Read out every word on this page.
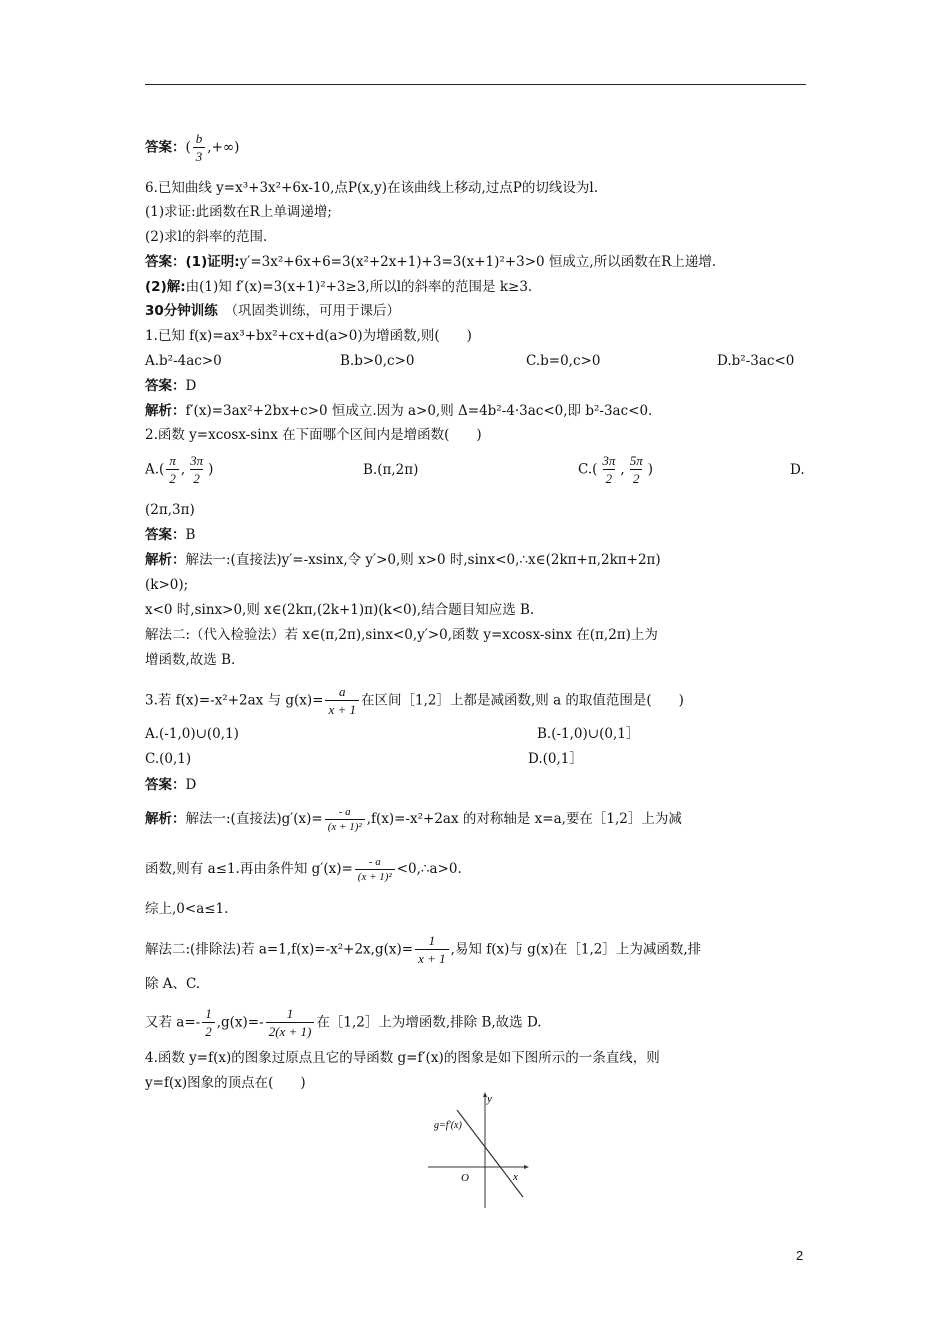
答案：( $\frac{b}{3}$ ,+∞)
6.已知曲线 y=x³+3x²+6x-10,点P(x,y)在该曲线上移动,过点P的切线设为l.
(1)求证:此函数在R上单调递增;
(2)求l的斜率的范围.
答案：(1)证明:y′=3x²+6x+6=3(x²+2x+1)+3=3(x+1)²+3>0 恒成立,所以函数在R上递增.
(2)解:由(1)知 f′(x)=3(x+1)²+3≥3,所以l的斜率的范围是 k≥3.
30分钟训练　 （巩固类训练，可用于课后）
1.已知 f(x)=ax³+bx²+cx+d(a>0)为增函数,则(　　)
A.b²-4ac>0	B.b>0,c>0	C.b=0,c>0	D.b²-3ac<0
答案：D
解析：f′(x)=3ax²+2bx+c>0 恒成立.因为 a>0,则 Δ=4b²-4·3ac<0,即 b²-3ac<0.
2.函数 y=xcosx-sinx 在下面哪个区间内是增函数(　　)
$A.( \frac{\pi}{2}$ , $\frac{3\pi}{2}$ )	B.(π,2π)	$C.( \frac{3\pi}{2}$ , $\frac{5\pi}{2}$ )	D.
(2π,3π)
答案：B
解析：解法一:(直接法)y′=-xsinx,令 y′>0,则 x>0 时,sinx<0,∴x∈(2kπ+π,2kπ+2π)
(k>0);
x<0 时,sinx>0,则 x∈(2kπ,(2k+1)π)(k<0),结合题目知应选 B.
解法二:（代入检验法）若 x∈(π,2π),sinx<0,y′>0,函数 y=xcosx-sinx 在(π,2π)上为
增函数,故选 B.
3.若 f(x)=-x²+2ax 与 $g(x)= \frac{a}{x + 1}$ 在区间［1,2］上都是减函数,则 a 的取值范围是(　　)
A.(-1,0)∪(0,1)	B.(-1,0)∪(0,1］
C.(0,1)	D.(0,1］
答案：D
解析：解法一:(直接法)$g'(x)= \frac{- a}{\text{(x + 1)²}} ,f(x)=-x^2+2ax$ 的对称轴是 x=a,要在［1,2］上为减
函数,则有 a≤1.再由条件知 $g'(x)= \frac{- a}{\text{(x + 1)²}}$ <0,∴a>0.
综上,0<a≤1.
解法二:(排除法)若 $a=1,f(x)=-x^2+2x,g(x)= \frac{1}{x + 1}$ ,易知 f(x)与 g(x)在［1,2］上为减函数,排
除 A、C.
又若 $a=- \frac{1}{2} ,g(x)=- \frac{1}{2(x + 1)}$ 在［1,2］上为增函数,排除 B,故选 D.
4.函数 y=f(x)的图象过原点且它的导函数 g=f′(x)的图象是如下图所示的一条直线，则
y=f(x)图象的顶点在(　　)
y
x
O
g=f′(x)
2
